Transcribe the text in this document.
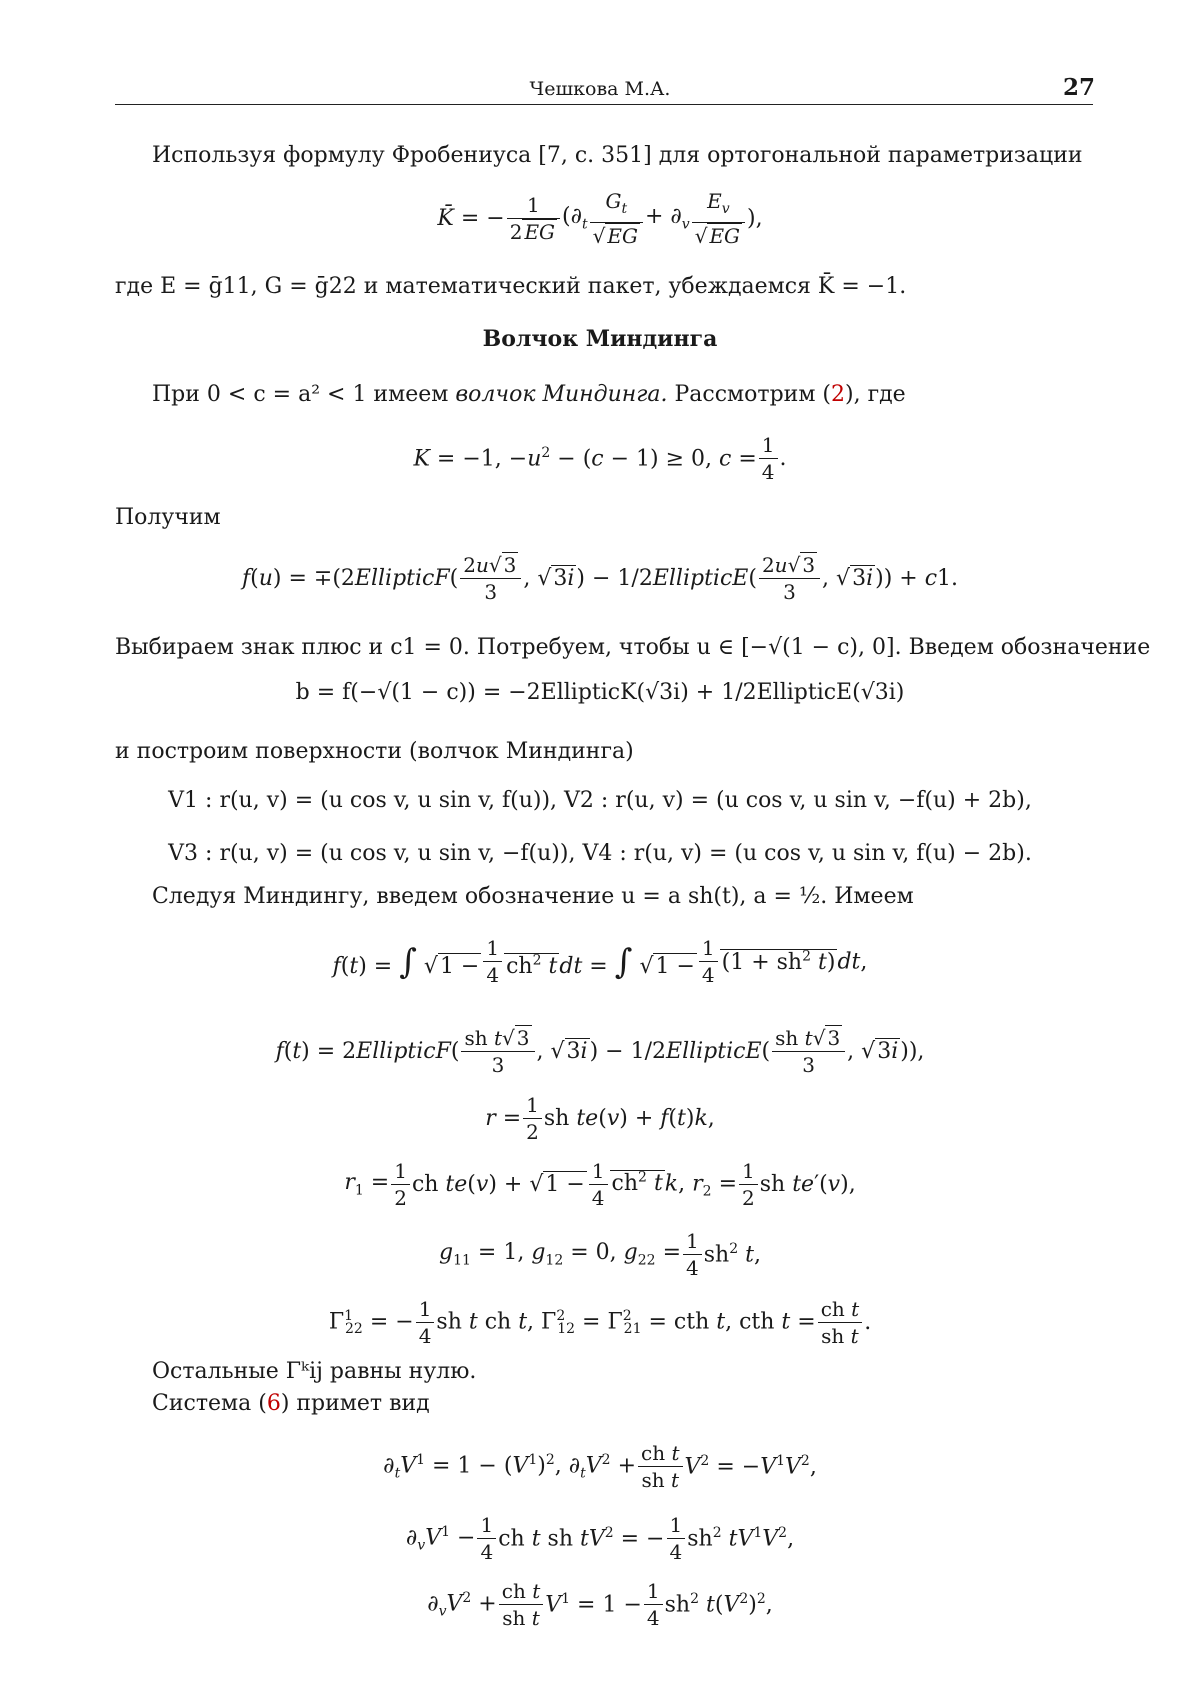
Чешкова М.А.	27
Используя формулу Фробениуса [7, с. 351] для ортогональной параметризации
K̄ = − $\frac{1}{2 EG} (\partial_t \frac{G_t}{√ EG} + \partial_v \frac{E_v}{√ EG}$ ),
где E = ḡ11, G = ḡ22 и математический пакет, убеждаемся K̄ = −1.
Волчок Миндинга
При 0 < c = a² < 1 имеем волчок Миндинга. Рассмотрим (2), где
K = −1, $-u^2 - (c - 1) \ge 0$, $c = \frac{1}{4}$ .
Получим
f(u) = ∓(2EllipticF( $\frac{2u√ 3}{3}$ , √3i) − 1/2EllipticE( $\frac{2u√ 3}{3}$ , √3i)) + c1.
Выбираем знак плюс и c1 = 0. Потребуем, чтобы u ∈ [−√(1 − c), 0]. Введем обозначение
b = f(−√(1 − c)) = −2EllipticK(√3i) + 1/2EllipticE(√3i)
и построим поверхности (волчок Миндинга)
V1 : r(u, v) = (u cos v, u sin v, f(u)), V2 : r(u, v) = (u cos v, u sin v, −f(u) + 2b),
V3 : r(u, v) = (u cos v, u sin v, −f(u)), V4 : r(u, v) = (u cos v, u sin v, f(u) − 2b).
Следуя Миндингу, введем обозначение u = a sh(t), a = ½. Имеем
f(t) = ∫ $√1 - \frac{1}{4} ch^2$ tdt = ∫ $√1 - \frac{1}{4} (1 + sh^2$ t)dt,
f(t) = 2EllipticF( $\frac{\text{sh t√ 3}}{3}$ , √3i) − 1/2EllipticE( $\frac{\text{sh t√ 3}}{3}$ , √3i)),
$r = \frac{1}{2}$ sh te(v) + f(t)k,
$r_1 = \frac{1}{2}$ ch $te(v) + √1 - \frac{1}{4} ch^2$ tk, $r_2 = \frac{1}{2}$ sh te′(v),
$g_{11} = 1$, $g_{12} = 0$, $g_{22} = \frac{1}{4} sh^2$ t,
$\Gamma^1_{22}$ = − $\frac{1}{4}$ sh t ch t, $\Gamma^2_{12} = \Gamma^2_{21}$ = cth t, cth $t = \frac{\text{ch t}}{\text{sh t}}$ .
Остальные Γᵏij равны нулю.
Система (6) примет вид
$\partial_tV^1 = 1 - (V^1)^2$, $\partial_tV^2 + \frac{\text{ch t}}{\text{sh t}} V^2 = -V^1V^2$,
$\partial_vV^1 - \frac{1}{4}$ ch t sh $tV^2$ = − $\frac{1}{4} sh^2$ $tV^1V^2$,
$\partial_vV^2 + \frac{\text{ch t}}{\text{sh t}} V^1 = 1 - \frac{1}{4} sh^2$ $t(V^2)^2$,
